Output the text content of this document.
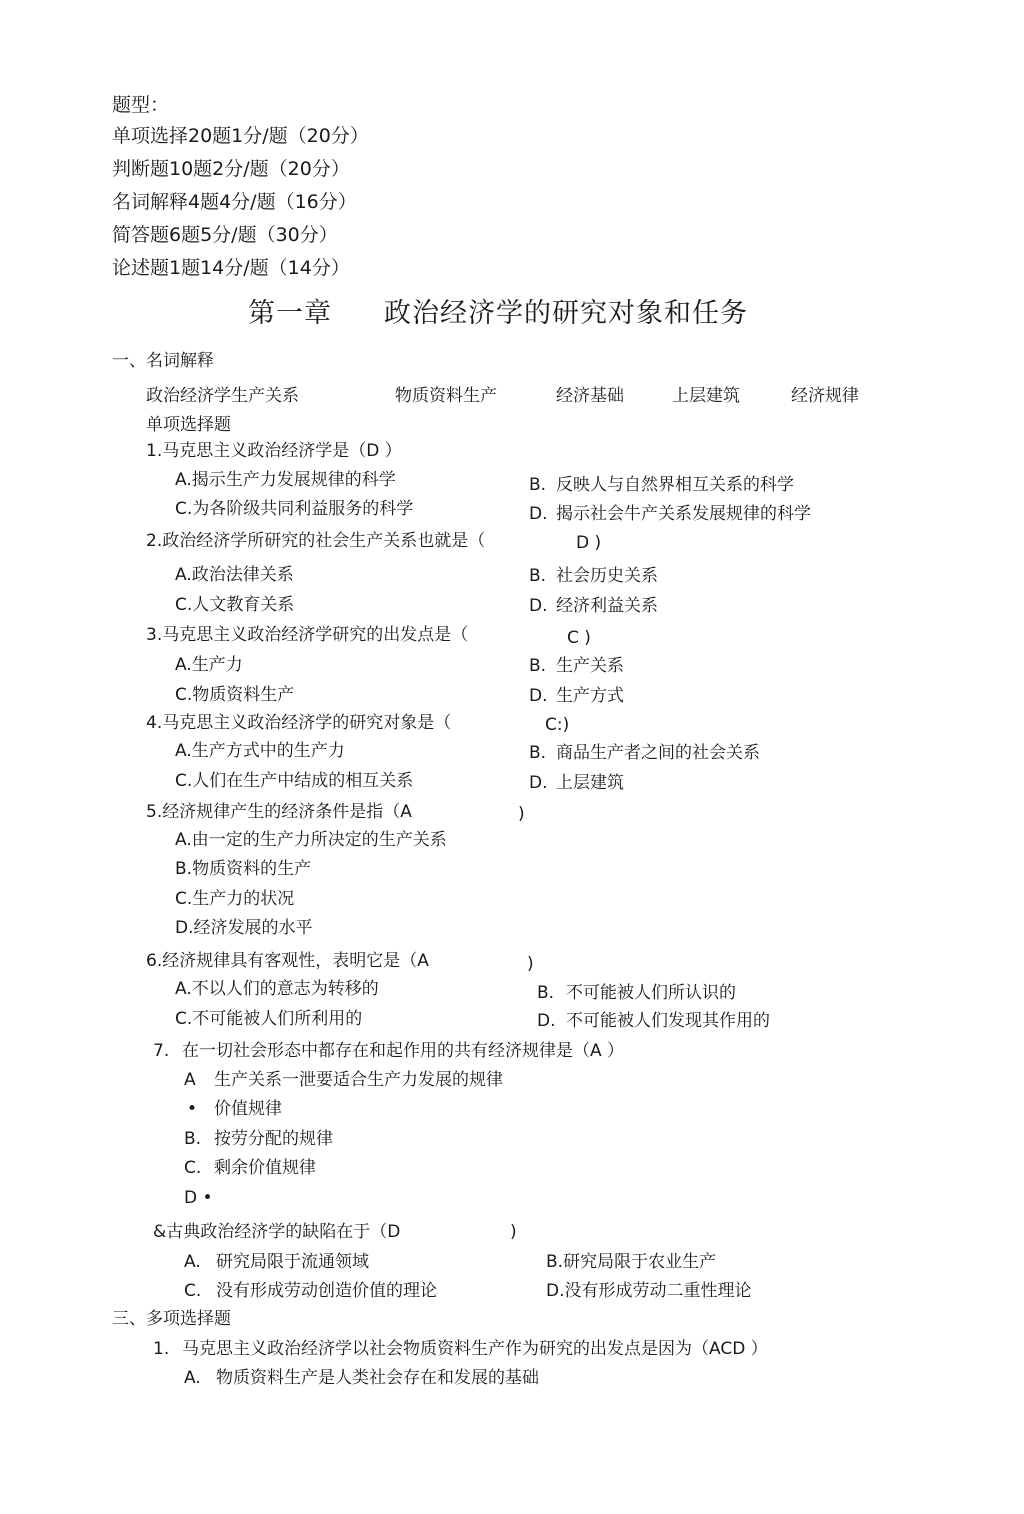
题型：
单项选择20题1分/题（20分）
判断题10题2分/题（20分）
名词解释4题4分/题（16分）
简答题6题5分/题（30分）
论述题1题14分/题（14分）
第一章 政治经济学的研究对象和任务
一、名词解释
政治经济学生产关系	物质资料生产	经济基础	上层建筑	经济规律
单项选择题
1.马克思主义政治经济学是（D ）
A.揭示生产力发展规律的科学	B. 反映人与自然界相互关系的科学
C.为各阶级共同利益服务的科学	D. 揭示社会牛产关系发展规律的科学
2.政治经济学所研究的社会生产关系也就是（	D )
A.政治法律关系	B. 社会历史关系
C.人文教育关系	D. 经济利益关系
3.马克思主义政治经济学研究的出发点是（	C )
A.生产力	B. 生产关系
C.物质资料生产	D. 生产方式
4.马克思主义政治经济学的研究对象是（	C:)
A.生产方式中的生产力	B. 商品生产者之间的社会关系
C.人们在生产中结成的相互关系	D. 上层建筑
5.经济规律产生的经济条件是指（A	)
A.由一定的生产力所决定的生产关系
B.物质资料的生产
C.生产力的状况
D.经济发展的水平
6.经济规律具有客观性，表明它是（A	)
A.不以人们的意志为转移的	B. 不可能被人们所认识的
C.不可能被人们所利用的	D. 不可能被人们发现其作用的
7. 在一切社会形态中都存在和起作用的共有经济规律是（A ）
A 生产关系一泄要适合生产力发展的规律
• 价值规律
B. 按劳分配的规律
C. 剩余价值规律
D •
&古典政治经济学的缺陷在于（D	)
A. 研究局限于流通领域	B.研究局限于农业生产
C. 没有形成劳动创造价值的理论	D.没有形成劳动二重性理论
三、多项选择题
1. 马克思主义政治经济学以社会物质资料生产作为研究的出发点是因为（ACD ）
A. 物质资料生产是人类社会存在和发展的基础
